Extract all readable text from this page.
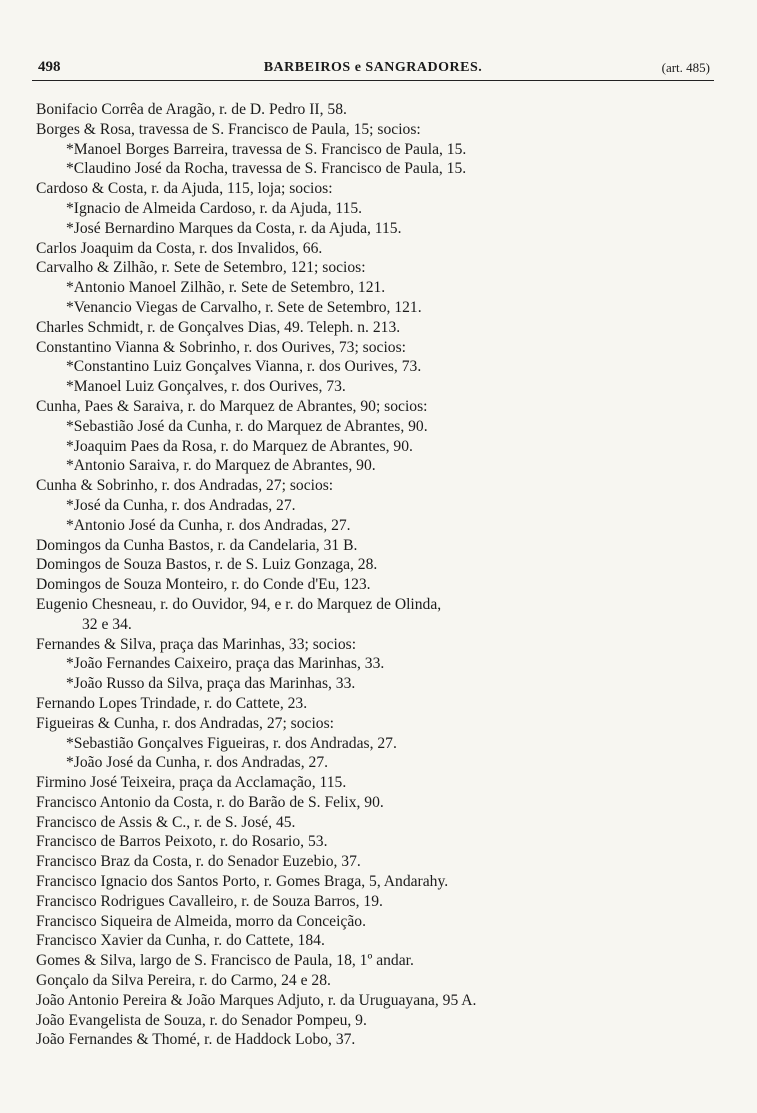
498	BARBEIROS e SANGRADORES.	(art. 485)
Bonifacio Corrêa de Aragão, r. de D. Pedro II, 58.
Borges & Rosa, travessa de S. Francisco de Paula, 15; socios:
*Manoel Borges Barreira, travessa de S. Francisco de Paula, 15.
*Claudino José da Rocha, travessa de S. Francisco de Paula, 15.
Cardoso & Costa, r. da Ajuda, 115, loja; socios:
*Ignacio de Almeida Cardoso, r. da Ajuda, 115.
*José Bernardino Marques da Costa, r. da Ajuda, 115.
Carlos Joaquim da Costa, r. dos Invalidos, 66.
Carvalho & Zilhão, r. Sete de Setembro, 121; socios:
*Antonio Manoel Zilhão, r. Sete de Setembro, 121.
*Venancio Viegas de Carvalho, r. Sete de Setembro, 121.
Charles Schmidt, r. de Gonçalves Dias, 49. Teleph. n. 213.
Constantino Vianna & Sobrinho, r. dos Ourives, 73; socios:
*Constantino Luiz Gonçalves Vianna, r. dos Ourives, 73.
*Manoel Luiz Gonçalves, r. dos Ourives, 73.
Cunha, Paes & Saraiva, r. do Marquez de Abrantes, 90; socios:
*Sebastião José da Cunha, r. do Marquez de Abrantes, 90.
*Joaquim Paes da Rosa, r. do Marquez de Abrantes, 90.
*Antonio Saraiva, r. do Marquez de Abrantes, 90.
Cunha & Sobrinho, r. dos Andradas, 27; socios:
*José da Cunha, r. dos Andradas, 27.
*Antonio José da Cunha, r. dos Andradas, 27.
Domingos da Cunha Bastos, r. da Candelaria, 31 B.
Domingos de Souza Bastos, r. de S. Luiz Gonzaga, 28.
Domingos de Souza Monteiro, r. do Conde d'Eu, 123.
Eugenio Chesneau, r. do Ouvidor, 94, e r. do Marquez de Olinda,
32 e 34.
Fernandes & Silva, praça das Marinhas, 33; socios:
*João Fernandes Caixeiro, praça das Marinhas, 33.
*João Russo da Silva, praça das Marinhas, 33.
Fernando Lopes Trindade, r. do Cattete, 23.
Figueiras & Cunha, r. dos Andradas, 27; socios:
*Sebastião Gonçalves Figueiras, r. dos Andradas, 27.
*João José da Cunha, r. dos Andradas, 27.
Firmino José Teixeira, praça da Acclamação, 115.
Francisco Antonio da Costa, r. do Barão de S. Felix, 90.
Francisco de Assis & C., r. de S. José, 45.
Francisco de Barros Peixoto, r. do Rosario, 53.
Francisco Braz da Costa, r. do Senador Euzebio, 37.
Francisco Ignacio dos Santos Porto, r. Gomes Braga, 5, Andarahy.
Francisco Rodrigues Cavalleiro, r. de Souza Barros, 19.
Francisco Siqueira de Almeida, morro da Conceição.
Francisco Xavier da Cunha, r. do Cattete, 184.
Gomes & Silva, largo de S. Francisco de Paula, 18, 1º andar.
Gonçalo da Silva Pereira, r. do Carmo, 24 e 28.
João Antonio Pereira & João Marques Adjuto, r. da Uruguayana, 95 A.
João Evangelista de Souza, r. do Senador Pompeu, 9.
João Fernandes & Thomé, r. de Haddock Lobo, 37.
